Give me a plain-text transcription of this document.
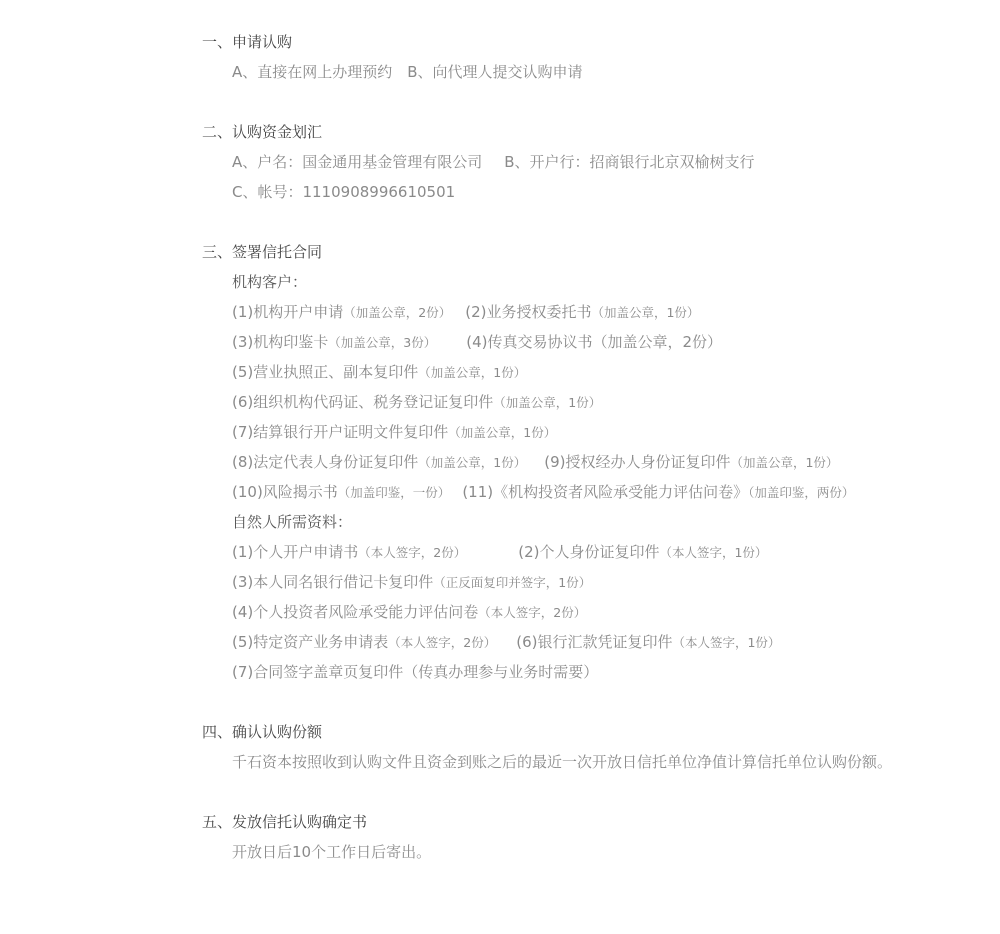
一、申请认购
A、直接在网上办理预约 B、向代理人提交认购申请
二、认购资金划汇
A、户名：国金通用基金管理有限公司 B、开户行：招商银行北京双榆树支行
C、帐号：1110908996610501
三、签署信托合同
机构客户：
(1)机构开户申请（加盖公章，2份） (2)业务授权委托书（加盖公章，1份）
(3)机构印鉴卡（加盖公章，3份） (4)传真交易协议书（加盖公章，2份）
(5)营业执照正、副本复印件（加盖公章，1份）
(6)组织机构代码证、税务登记证复印件（加盖公章，1份）
(7)结算银行开户证明文件复印件（加盖公章，1份）
(8)法定代表人身份证复印件（加盖公章，1份） (9)授权经办人身份证复印件（加盖公章，1份）
(10)风险揭示书（加盖印鉴，一份） (11)《机构投资者风险承受能力评估问卷》（加盖印鉴，两份）
自然人所需资料：
(1)个人开户申请书（本人签字，2份）	(2)个人身份证复印件（本人签字，1份）
(3)本人同名银行借记卡复印件（正反面复印并签字，1份）
(4)个人投资者风险承受能力评估问卷（本人签字，2份）
(5)特定资产业务申请表（本人签字，2份） (6)银行汇款凭证复印件（本人签字，1份）
(7)合同签字盖章页复印件（传真办理参与业务时需要）
四、确认认购份额
千石资本按照收到认购文件且资金到账之后的最近一次开放日信托单位净值计算信托单位认购份额。
五、发放信托认购确定书
开放日后10个工作日后寄出。
